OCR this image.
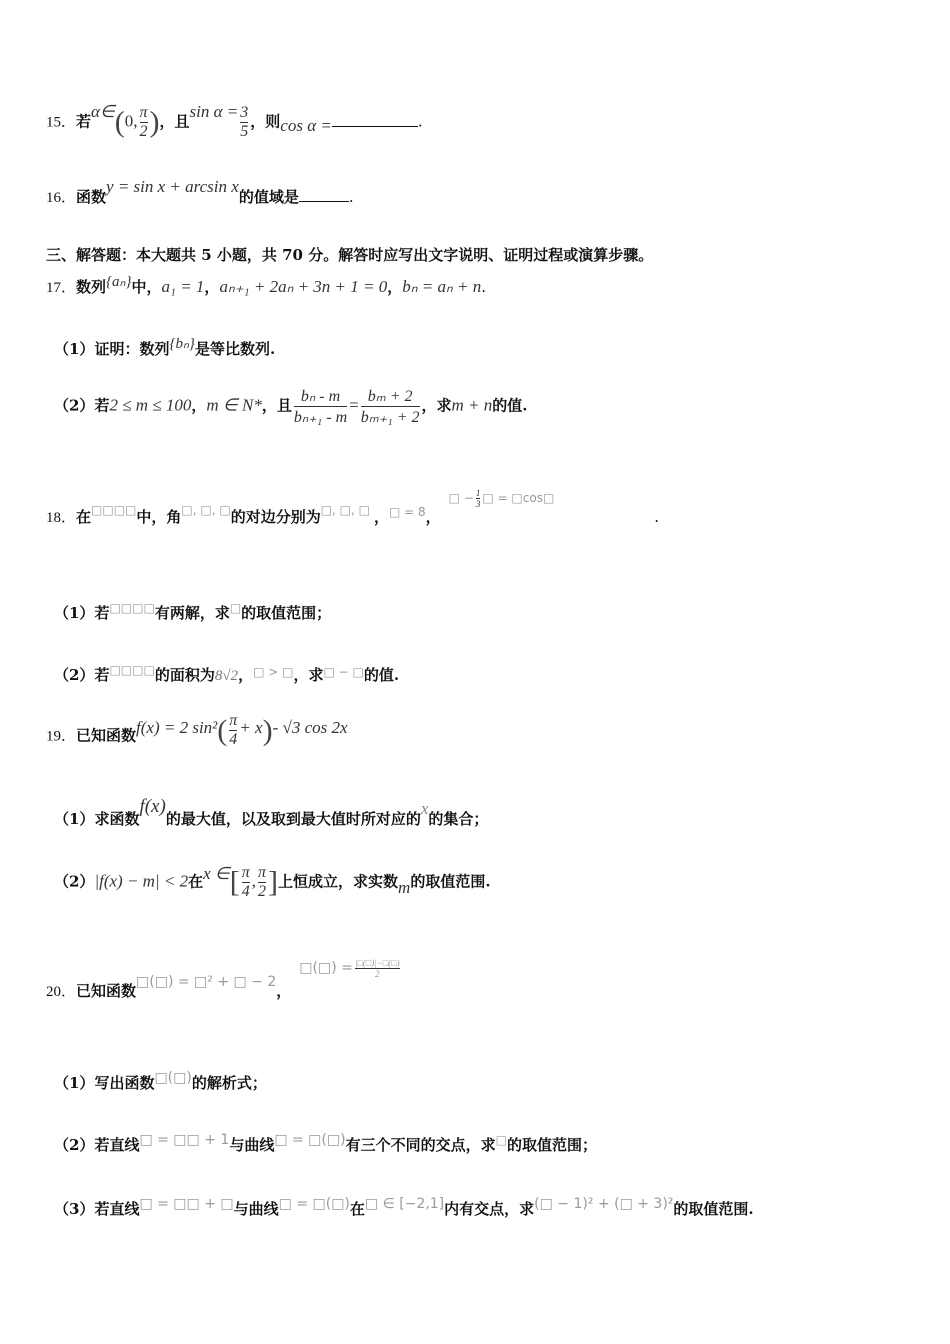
15．若α∈(0, $\frac{\pi}{2}$ )，且$\sin \alpha = \frac{3}{5}$ ，则cos α =	.
16．函数y = sin x + arcsin x的值域是	.
三、解答题：本大题共 5 小题，共 70 分。解答时应写出文字说明、证明过程或演算步骤。
17．数列{aₙ}中，a₁ = 1，aₙ₊₁ + 2aₙ + 3n + 1 = 0，bₙ = aₙ + n.
（1）证明：数列{bₙ}是等比数列.
（2）若2 ≤ m ≤ 100，m ∈ N*，且 $\frac{\text{bₙ - m}}{\text{bₙ₊₁ - m}} = \frac{\text{bₘ + 2}}{\text{bₘ₊₁ + 2}}$ ，求m + n的值.
18．在□□□□中，角□, □, □的对边分别为□, □, □ ，$^{□ = 8}$，□ − $\frac{1}{3}$ □ = □cos□.
（1）若□□□□有两解，求□的取值范围；
（2）若□□□□的面积为8√2，□ > □，求□ − □的值.
19．已知函数f(x) = 2 $\sin^2( \frac{\pi}{4} + x)-$ √3 cos 2x
（1）求函数f(x)的最大值，以及取到最大值时所对应的x的集合；
（2）|f(x) − m| < 2在x ∈[ $\frac{\pi}{4}$ , $\frac{\pi}{2}$ ]上恒成立，求实数m的取值范围.
20．已知函数□(□) = □² + □ − 2，□(□) = $\frac{|□(□)|-□(□)}{2}$
（1）写出函数□(□)的解析式；
（2）若直线□ = □□ + 1与曲线□ = □(□)有三个不同的交点，求□的取值范围；
（3）若直线□ = □□ + □与曲线□ = □(□)在□ ∈ [−2,1]内有交点，求(□ − 1)² + (□ + 3)²的取值范围.
